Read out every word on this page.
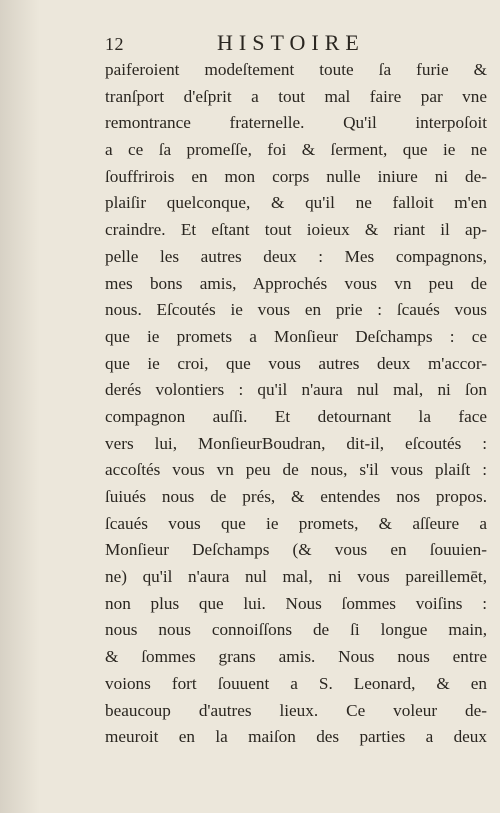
12	HISTOIRE
paiferoient modeſtement toute ſa furie &
tranſport d'eſprit a tout mal faire par vne
remontrance fraternelle. Qu'il interpoſoit
a ce ſa promeſſe, foi & ſerment, que ie ne
ſouffrirois en mon corps nulle iniure ni de-
plaiſir quelconque, & qu'il ne falloit m'en
craindre. Et eſtant tout ioieux & riant il ap-
pelle les autres deux : Mes compagnons,
mes bons amis, Approchés vous vn peu de
nous. Eſcoutés ie vous en prie : ſcaués vous
que ie promets a Monſieur Deſchamps : ce
que ie croi, que vous autres deux m'accor-
derés volontiers : qu'il n'aura nul mal, ni ſon
compagnon auſſi. Et detournant la face
vers lui, MonſieurBoudran, dit-il, eſcoutés :
accoſtés vous vn peu de nous, s'il vous plaiſt :
ſuiués nous de prés, & entendes nos propos.
ſcaués vous que ie promets, & aſſeure a
Monſieur Deſchamps (& vous en ſouuien-
ne) qu'il n'aura nul mal, ni vous pareillemēt,
non plus que lui. Nous ſommes voiſins :
nous nous connoiſſons de ſi longue main,
& ſommes grans amis. Nous nous entre
voions fort ſouuent a S. Leonard, & en
beaucoup d'autres lieux. Ce voleur de-
meuroit en la maiſon des parties a deux
